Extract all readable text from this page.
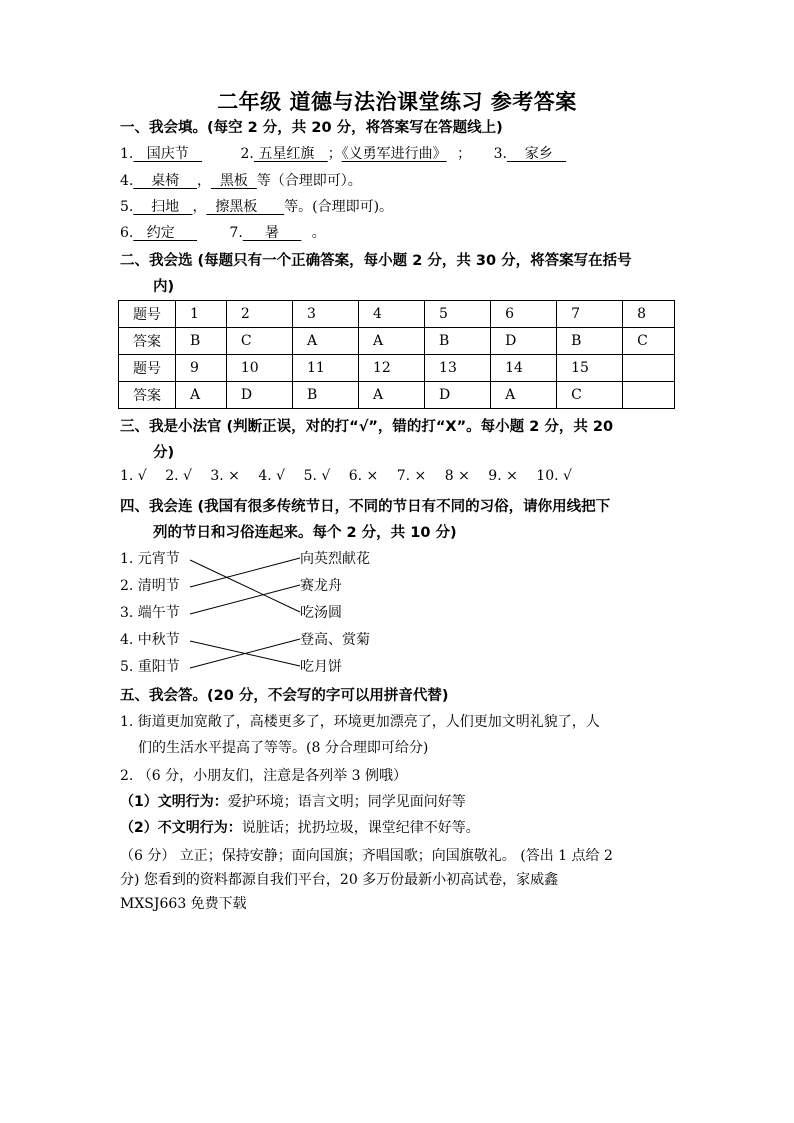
二年级 道德与法治课堂练习 参考答案
一、我会填。(每空 2 分，共 20 分，将答案写在答题线上)
1.   国庆节	2. 五星红旗   ；《义勇军进行曲》 ； 3.    家乡
4.    桌椅    ，  黑板  等（合理即可）。
5.    扫地   ，  擦黑板      等。(合理即可)。
6.   约定      7.     暑      。
二、我会选 (每题只有一个正确答案，每小题 2 分，共 30 分，将答案写在括号
内)
题号	1	2	3	4	5	6	7	8
答案	B	C	A	A	B	D	B	C
题号	9	10	11	12	13	14	15	
答案	A	D	B	A	D	A	C	
三、我是小法官 (判断正误，对的打“√”，错的打“X”。每小题 2 分，共 20
分)
1. √ 2. √ 3. × 4. √ 5. √ 6. × 7. × 8 × 9. × 10. √
四、我会连 (我国有很多传统节日，不同的节日有不同的习俗，请你用线把下
列的节日和习俗连起来。每个 2 分，共 10 分)
1. 元宵节
2. 清明节
3. 端午节
4. 中秋节
5. 重阳节
向英烈献花
赛龙舟
吃汤圆
登高、赏菊
吃月饼
五、我会答。(20 分，不会写的字可以用拼音代替)
1. 街道更加宽敞了，高楼更多了，环境更加漂亮了，人们更加文明礼貌了，人
们的生活水平提高了等等。(8 分合理即可给分)
2. （6 分，小朋友们，注意是各列举 3 例哦）
（1）文明行为：爱护环境；语言文明；同学见面问好等
（2）不文明行为：说脏话；扰扔垃圾，课堂纪律不好等。
（6 分） 立正；保持安静；面向国旗；齐唱国歌；向国旗敬礼。 (答出 1 点给 2
分) 您看到的资料都源自我们平台，20 多万份最新小初高试卷，家威鑫
MXSJ663 免费下载
